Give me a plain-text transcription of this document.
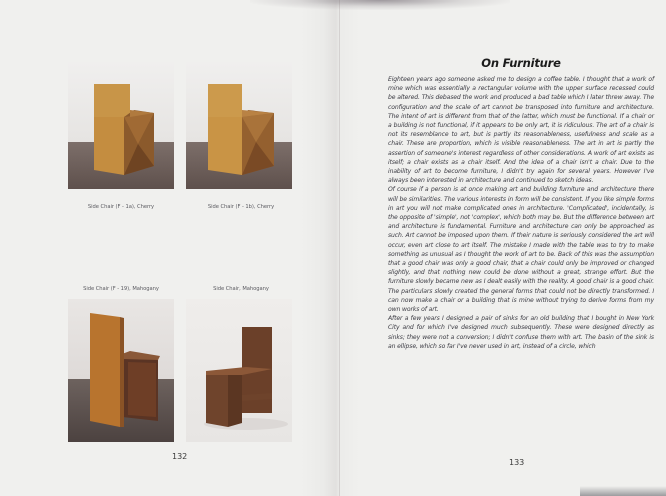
Side Chair (F - 1a), Cherry	Side Chair (F - 1b), Cherry
Side Chair (F - 19), Mahogany	Side Chair, Mahogany
132
On Furniture

Eighteen years ago someone asked me to design a coffee table. I thought that a work of mine which was essentially a rectangular volume with the upper surface recessed could be altered. This debased the work and produced a bad table which I later threw away. The configuration and the scale of art cannot be transposed into furniture and architecture. The intent of art is different from that of the latter, which must be functional. If a chair or a building is not functional, if it appears to be only art, it is ridiculous. The art of a chair is not its resemblance to art, but is partly its reasonableness, usefulness and scale as a chair. These are proportion, which is visible reasonableness. The art in art is partly the assertion of someone's interest regardless of other considerations. A work of art exists as itself; a chair exists as a chair itself. And the idea of a chair isn't a chair. Due to the inability of art to become furniture, I didn't try again for several years. However I've always been interested in architecture and continued to sketch ideas.

Of course if a person is at once making art and building furniture and architecture there will be similarities. The various interests in form will be consistent. If you like simple forms in art you will not make complicated ones in architecture. 'Complicated', incidentally, is the opposite of 'simple', not 'complex', which both may be. But the difference between art and architecture is fundamental. Furniture and architecture can only be approached as such. Art cannot be imposed upon them. If their nature is seriously considered the art will occur, even art close to art itself. The mistake I made with the table was to try to make something as unusual as I thought the work of art to be. Back of this was the assumption that a good chair was only a good chair, that a chair could only be improved or changed slightly, and that nothing new could be done without a great, strange effort. But the furniture slowly became new as I dealt easily with the reality. A good chair is a good chair. The particulars slowly created the general forms that could not be directly transformed. I can now make a chair or a building that is mine without trying to derive forms from my own works of art.

After a few years I designed a pair of sinks for an old building that I bought in New York City and for which I've designed much subsequently. These were designed directly as sinks; they were not a conversion; I didn't confuse them with art. The basin of the sink is an ellipse, which so far I've never used in art, instead of a circle, which

133
